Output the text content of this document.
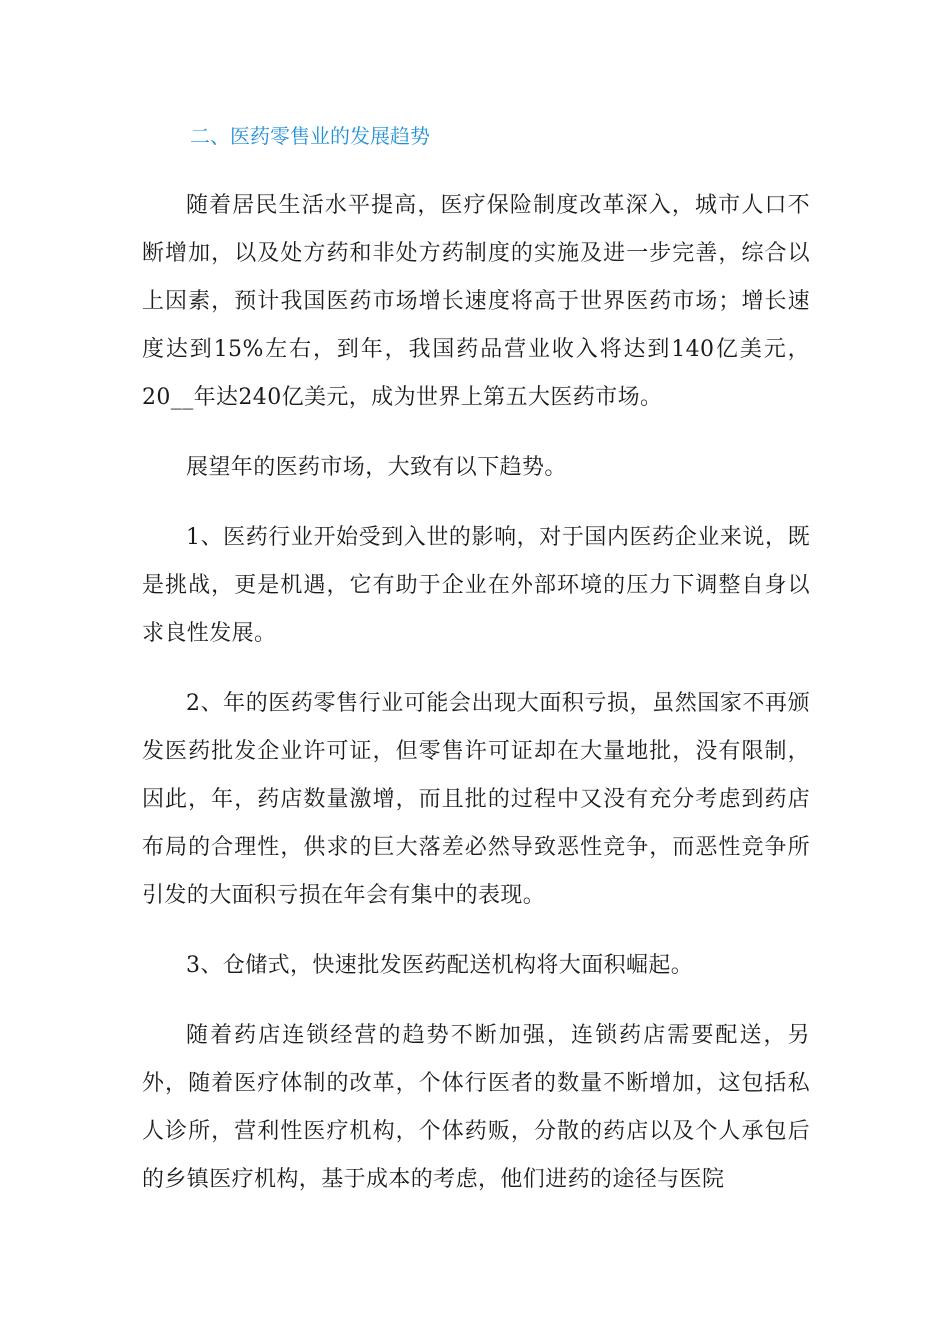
二、医药零售业的发展趋势

随着居民生活水平提高，医疗保险制度改革深入，城市人口不断增加，以及处方药和非处方药制度的实施及进一步完善，综合以上因素，预计我国医药市场增长速度将高于世界医药市场；增长速度达到15%左右，到年，我国药品营业收入将达到140亿美元，20__年达240亿美元，成为世界上第五大医药市场。

展望年的医药市场，大致有以下趋势。

1、医药行业开始受到入世的影响，对于国内医药企业来说，既是挑战，更是机遇，它有助于企业在外部环境的压力下调整自身以求良性发展。

2、年的医药零售行业可能会出现大面积亏损，虽然国家不再颁发医药批发企业许可证，但零售许可证却在大量地批，没有限制，因此，年，药店数量激增，而且批的过程中又没有充分考虑到药店布局的合理性，供求的巨大落差必然导致恶性竞争，而恶性竞争所引发的大面积亏损在年会有集中的表现。

3、仓储式，快速批发医药配送机构将大面积崛起。

随着药店连锁经营的趋势不断加强，连锁药店需要配送，另外，随着医疗体制的改革，个体行医者的数量不断增加，这包括私人诊所，营利性医疗机构，个体药贩，分散的药店以及个人承包后的乡镇医疗机构，基于成本的考虑，他们进药的途径与医院
